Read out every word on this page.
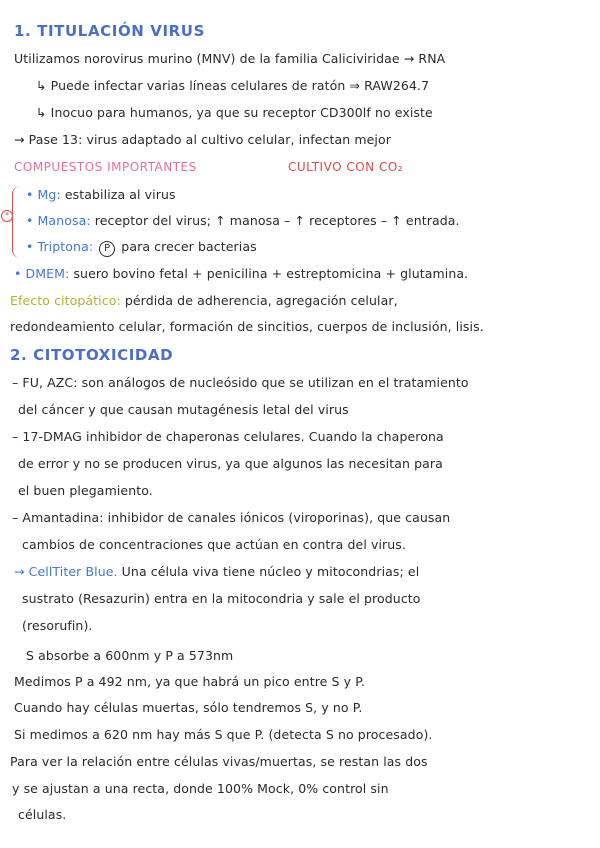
1. TITULACIÓN VIRUS
Utilizamos norovirus murino (MNV) de la familia Caliciviridae → RNA
↳ Puede infectar varias líneas celulares de ratón ⇒ RAW264.7
↳ Inocuo para humanos, ya que su receptor CD300lf no existe
→ Pase 13: virus adaptado al cultivo celular, infectan mejor
COMPUESTOS IMPORTANTES	CULTIVO CON CO₂
*
• Mg: estabiliza al virus
• Manosa: receptor del virus; ↑ manosa – ↑ receptores – ↑ entrada.
• Triptona: P para crecer bacterias
• DMEM: suero bovino fetal + penicilina + estreptomicina + glutamina.
Efecto citopático: pérdida de adherencia, agregación celular,
redondeamiento celular, formación de sincitios, cuerpos de inclusión, lisis.
2. CITOTOXICIDAD
– FU, AZC: son análogos de nucleósido que se utilizan en el tratamiento
del cáncer y que causan mutagénesis letal del virus
– 17-DMAG inhibidor de chaperonas celulares. Cuando la chaperona
de error y no se producen virus, ya que algunos las necesitan para
el buen plegamiento.
– Amantadina: inhibidor de canales iónicos (viroporinas), que causan
cambios de concentraciones que actúan en contra del virus.
→ CellTiter Blue. Una célula viva tiene núcleo y mitocondrias; el
sustrato (Resazurin) entra en la mitocondria y sale el producto
(resorufin).
S absorbe a 600nm y P a 573nm
Medimos P a 492 nm, ya que habrá un pico entre S y P.
Cuando hay células muertas, sólo tendremos S, y no P.
Si medimos a 620 nm hay más S que P. (detecta S no procesado).
Para ver la relación entre células vivas/muertas, se restan las dos
y se ajustan a una recta, donde 100% Mock, 0% control sin
células.
